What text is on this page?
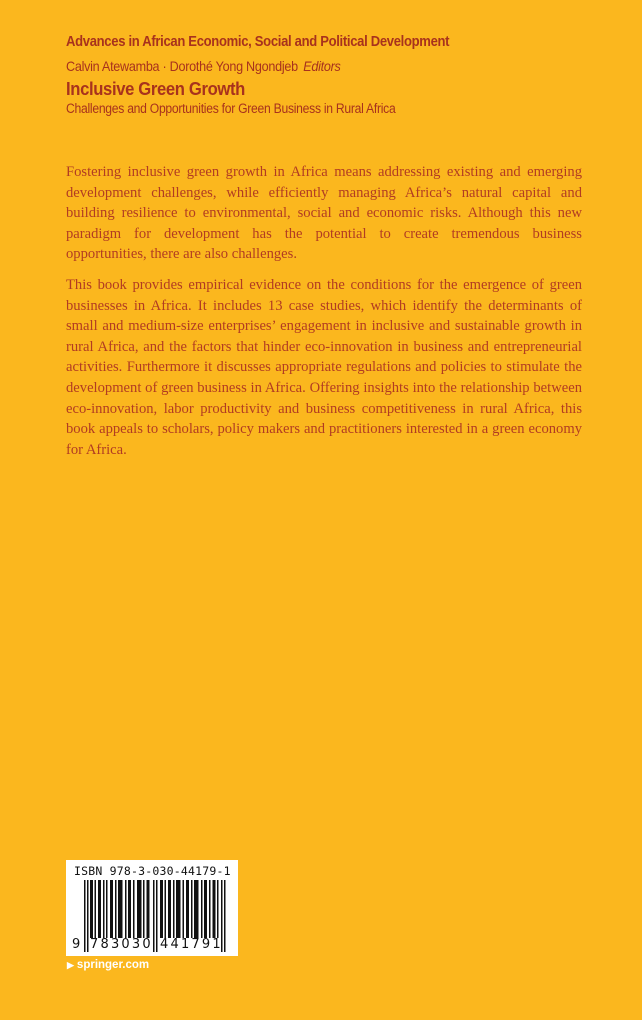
Advances in African Economic, Social and Political Development
Calvin Atewamba · Dorothé Yong Ngondjeb Editors
Inclusive Green Growth
Challenges and Opportunities for Green Business in Rural Africa

Fostering inclusive green growth in Africa means addressing existing and emerging development challenges, while efficiently managing Africa’s natural capital and building resilience to environmental, social and economic risks. Although this new paradigm for development has the potential to create tremendous business opportunities, there are also challenges.

This book provides empirical evidence on the conditions for the emergence of green businesses in Africa. It includes 13 case studies, which identify the determinants of small and medium-size enterprises’ engagement in inclusive and sustainable growth in rural Africa, and the factors that hinder eco-innovation in business and entrepreneurial activities. Furthermore it discusses appropriate regulations and policies to stimulate the development of green business in Africa. Offering insights into the relationship between eco-innovation, labor productivity and business competitiveness in rural Africa, this book appeals to scholars, policy makers and practitioners interested in a green economy for Africa.

ISBN 978-3-030-44179-1
9 783030 441791
▶ springer.com
